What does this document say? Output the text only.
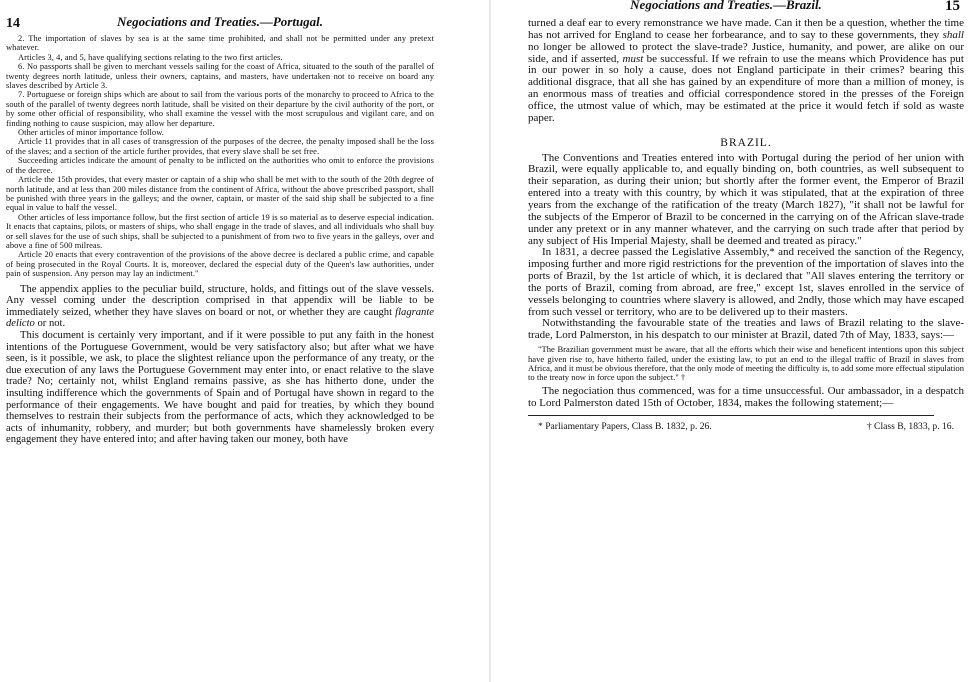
14	Negociations and Treaties.—Portugal.

2. The importation of slaves by sea is at the same time prohibited, and shall not be permitted under any pretext whatever.

Articles 3, 4, and 5, have qualifying sections relating to the two first articles.

6. No passports shall be given to merchant vessels sailing for the coast of Africa, situated to the south of the parallel of twenty degrees north latitude, unless their owners, captains, and masters, have undertaken not to receive on board any slaves described by Article 3.

7. Portuguese or foreign ships which are about to sail from the various ports of the monarchy to proceed to Africa to the south of the parallel of twenty degrees north latitude, shall be visited on their departure by the civil authority of the port, or by some other official of responsibility, who shall examine the vessel with the most scrupulous and vigilant care, and on finding nothing to cause suspicion, may allow her departure.

Other articles of minor importance follow.

Article 11 provides that in all cases of transgression of the purposes of the decree, the penalty imposed shall be the loss of the slaves; and a section of the article further provides, that every slave shall be set free.

Succeeding articles indicate the amount of penalty to be inflicted on the authorities who omit to enforce the provisions of the decree.

Article the 15th provides, that every master or captain of a ship who shall be met with to the south of the 20th degree of north latitude, and at less than 200 miles distance from the continent of Africa, without the above prescribed passport, shall be punished with three years in the galleys; and the owner, captain, or master of the said ship shall be subjected to a fine equal in value to half the vessel.

Other articles of less importance follow, but the first section of article 19 is so material as to deserve especial indication. It enacts that captains, pilots, or masters of ships, who shall engage in the trade of slaves, and all individuals who shall buy or sell slaves for the use of such ships, shall be subjected to a punishment of from two to five years in the galleys, over and above a fine of 500 milreas.

Article 20 enacts that every contravention of the provisions of the above decree is declared a public crime, and capable of being prosecuted in the Royal Courts. It is, moreover, declared the especial duty of the Queen's law authorities, under pain of suspension. Any person may lay an indictment."

The appendix applies to the peculiar build, structure, holds, and fittings out of the slave vessels. Any vessel coming under the description comprised in that appendix will be liable to be immediately seized, whether they have slaves on board or not, or whether they are caught flagrante delicto or not.

This document is certainly very important, and if it were possible to put any faith in the honest intentions of the Portuguese Government, would be very satisfactory also; but after what we have seen, is it possible, we ask, to place the slightest reliance upon the performance of any treaty, or the due execution of any laws the Portuguese Government may enter into, or enact relative to the slave trade? No; certainly not, whilst England remains passive, as she has hitherto done, under the insulting indifference which the governments of Spain and of Portugal have shown in regard to the performance of their engagements. We have bought and paid for treaties, by which they bound themselves to restrain their subjects from the performance of acts, which they acknowledged to be acts of inhumanity, robbery, and murder; but both governments have shamelessly broken every engagement they have entered into; and after having taken our money, both have

Negociations and Treaties.—Brazil.	15

turned a deaf ear to every remonstrance we have made. Can it then be a question, whether the time has not arrived for England to cease her forbearance, and to say to these governments, they shall no longer be allowed to protect the slave-trade? Justice, humanity, and power, are alike on our side, and if asserted, must be successful. If we refrain to use the means which Providence has put in our power in so holy a cause, does not England participate in their crimes? bearing this additional disgrace, that all she has gained by an expenditure of more than a million of money, is an enormous mass of treaties and official correspondence stored in the presses of the Foreign office, the utmost value of which, may be estimated at the price it would fetch if sold as waste paper.

BRAZIL.

The Conventions and Treaties entered into with Portugal during the period of her union with Brazil, were equally applicable to, and equally binding on, both countries, as well subsequent to their separation, as during their union; but shortly after the former event, the Emperor of Brazil entered into a treaty with this country, by which it was stipulated, that at the expiration of three years from the exchange of the ratification of the treaty (March 1827), "it shall not be lawful for the subjects of the Emperor of Brazil to be concerned in the carrying on of the African slave-trade under any pretext or in any manner whatever, and the carrying on such trade after that period by any subject of His Imperial Majesty, shall be deemed and treated as piracy."

In 1831, a decree passed the Legislative Assembly,* and received the sanction of the Regency, imposing further and more rigid restrictions for the prevention of the importation of slaves into the ports of Brazil, by the 1st article of which, it is declared that "All slaves entering the territory or the ports of Brazil, coming from abroad, are free," except 1st, slaves enrolled in the service of vessels belonging to countries where slavery is allowed, and 2ndly, those which may have escaped from such vessel or territory, who are to be delivered up to their masters.

Notwithstanding the favourable state of the treaties and laws of Brazil relating to the slave-trade, Lord Palmerston, in his despatch to our minister at Brazil, dated 7th of May, 1833, says:—

"The Brazilian government must be aware, that all the efforts which their wise and beneficent intentions upon this subject have given rise to, have hitherto failed, under the existing law, to put an end to the illegal traffic of Brazil in slaves from Africa, and it must be obvious therefore, that the only mode of meeting the difficulty is, to add some more effectual stipulation to the treaty now in force upon the subject." †

The negociation thus commenced, was for a time unsuccessful. Our ambassador, in a despatch to Lord Palmerston dated 15th of October, 1834, makes the following statement;—

* Parliamentary Papers, Class B. 1832, p. 26.	† Class B, 1833, p. 16.
